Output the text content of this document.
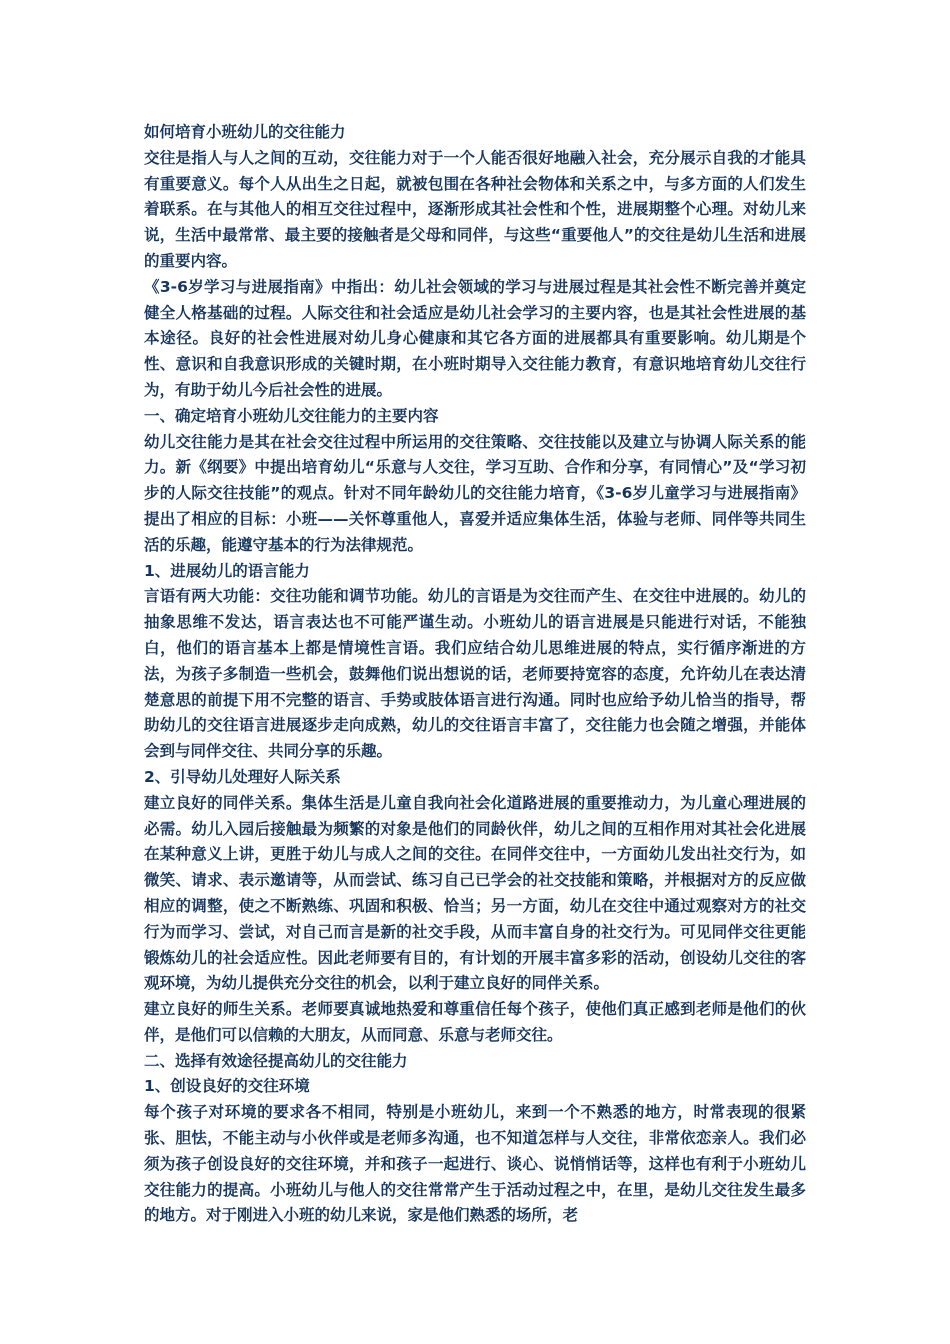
如何培育小班幼儿的交往能力

交往是指人与人之间的互动，交往能力对于一个人能否很好地融入社会，充分展示自我的才能具有重要意义。每个人从出生之日起，就被包围在各种社会物体和关系之中，与多方面的人们发生着联系。在与其他人的相互交往过程中，逐渐形成其社会性和个性，进展期整个心理。对幼儿来说，生活中最常常、最主要的接触者是父母和同伴，与这些“重要他人”的交往是幼儿生活和进展的重要内容。

《3-6岁学习与进展指南》中指出：幼儿社会领域的学习与进展过程是其社会性不断完善并奠定健全人格基础的过程。人际交往和社会适应是幼儿社会学习的主要内容，也是其社会性进展的基本途径。良好的社会性进展对幼儿身心健康和其它各方面的进展都具有重要影响。幼儿期是个性、意识和自我意识形成的关键时期，在小班时期导入交往能力教育，有意识地培育幼儿交往行为，有助于幼儿今后社会性的进展。

一、确定培育小班幼儿交往能力的主要内容

幼儿交往能力是其在社会交往过程中所运用的交往策略、交往技能以及建立与协调人际关系的能力。新《纲要》中提出培育幼儿“乐意与人交往，学习互助、合作和分享，有同情心”及“学习初步的人际交往技能”的观点。针对不同年龄幼儿的交往能力培育，《3-6岁儿童学习与进展指南》提出了相应的目标：小班——关怀尊重他人，喜爱并适应集体生活，体验与老师、同伴等共同生活的乐趣，能遵守基本的行为法律规范。

1、进展幼儿的语言能力

言语有两大功能：交往功能和调节功能。幼儿的言语是为交往而产生、在交往中进展的。幼儿的抽象思维不发达，语言表达也不可能严谨生动。小班幼儿的语言进展是只能进行对话，不能独白，他们的语言基本上都是情境性言语。我们应结合幼儿思维进展的特点，实行循序渐进的方法，为孩子多制造一些机会，鼓舞他们说出想说的话，老师要持宽容的态度，允许幼儿在表达清楚意思的前提下用不完整的语言、手势或肢体语言进行沟通。同时也应给予幼儿恰当的指导，帮助幼儿的交往语言进展逐步走向成熟，幼儿的交往语言丰富了，交往能力也会随之增强，并能体会到与同伴交往、共同分享的乐趣。

2、引导幼儿处理好人际关系

建立良好的同伴关系。集体生活是儿童自我向社会化道路进展的重要推动力，为儿童心理进展的必需。幼儿入园后接触最为频繁的对象是他们的同龄伙伴，幼儿之间的互相作用对其社会化进展在某种意义上讲，更胜于幼儿与成人之间的交往。在同伴交往中，一方面幼儿发出社交行为，如微笑、请求、表示邀请等，从而尝试、练习自己已学会的社交技能和策略，并根据对方的反应做相应的调整，使之不断熟练、巩固和积极、恰当；另一方面，幼儿在交往中通过观察对方的社交行为而学习、尝试，对自己而言是新的社交手段，从而丰富自身的社交行为。可见同伴交往更能锻炼幼儿的社会适应性。因此老师要有目的，有计划的开展丰富多彩的活动，创设幼儿交往的客观环境，为幼儿提供充分交往的机会，以利于建立良好的同伴关系。

建立良好的师生关系。老师要真诚地热爱和尊重信任每个孩子，使他们真正感到老师是他们的伙伴，是他们可以信赖的大朋友，从而同意、乐意与老师交往。

二、选择有效途径提高幼儿的交往能力

1、创设良好的交往环境

每个孩子对环境的要求各不相同，特别是小班幼儿，来到一个不熟悉的地方，时常表现的很紧张、胆怯，不能主动与小伙伴或是老师多沟通，也不知道怎样与人交往，非常依恋亲人。我们必须为孩子创设良好的交往环境，并和孩子一起进行、谈心、说悄悄话等，这样也有利于小班幼儿交往能力的提高。小班幼儿与他人的交往常常产生于活动过程之中，在里，是幼儿交往发生最多的地方。对于刚进入小班的幼儿来说，家是他们熟悉的场所，老
